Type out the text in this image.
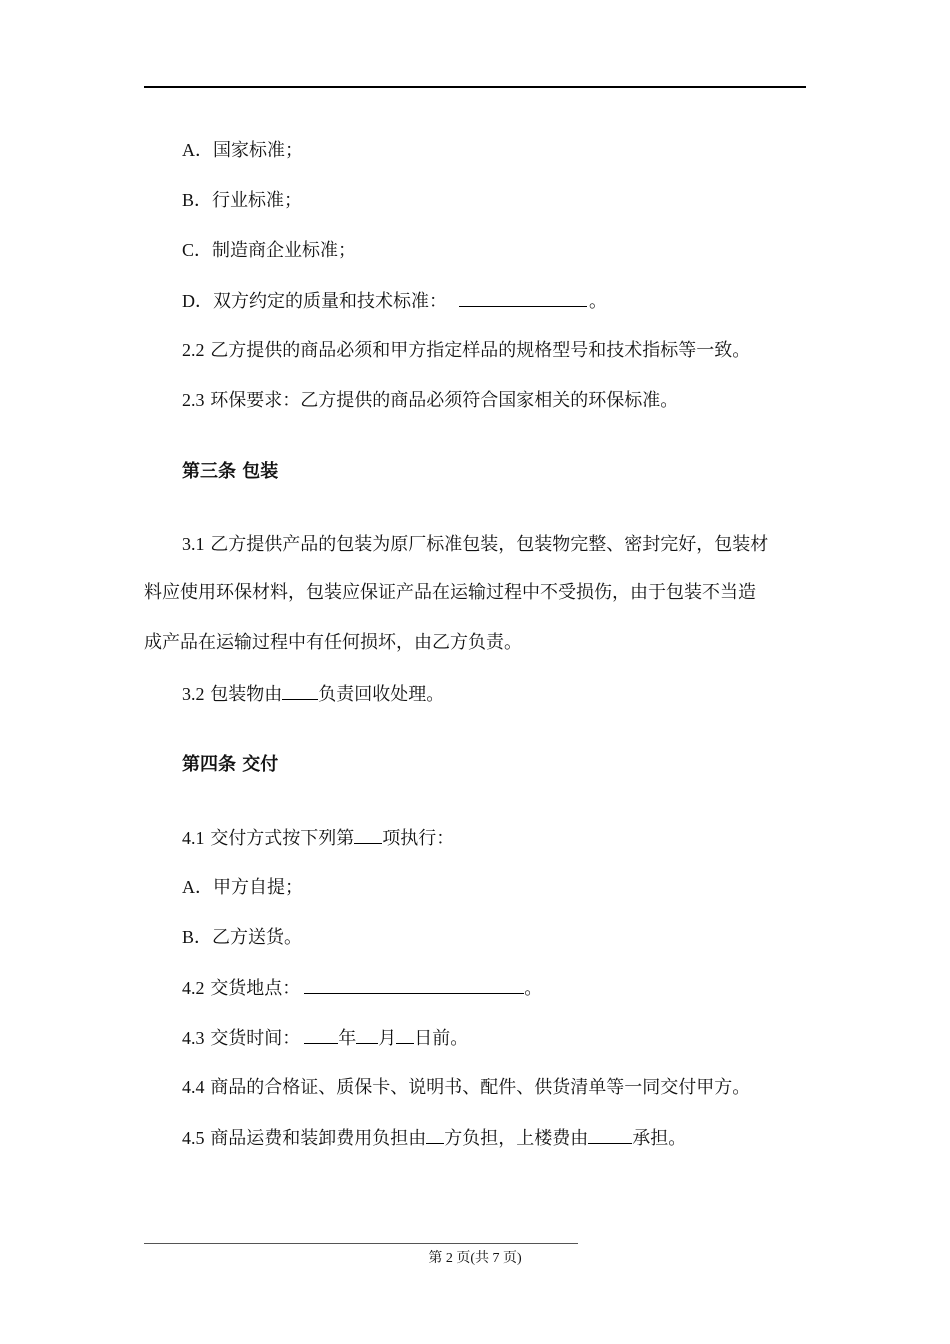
A．国家标准；
B．行业标准；
C．制造商企业标准；
D．双方约定的质量和技术标准：	。
2.2 乙方提供的商品必须和甲方指定样品的规格型号和技术指标等一致。
2.3 环保要求：乙方提供的商品必须符合国家相关的环保标准。
第三条 包装
3.1 乙方提供产品的包装为原厂标准包装，包装物完整、密封完好，包装材
料应使用环保材料，包装应保证产品在运输过程中不受损伤，由于包装不当造
成产品在运输过程中有任何损坏，由乙方负责。
3.2 包装物由 负责回收处理。
第四条 交付
4.1 交付方式按下列第 项执行：
A．甲方自提；
B．乙方送货。
4.2 交货地点：	。
4.3 交货时间： 年 月 日前。
4.4 商品的合格证、质保卡、说明书、配件、供货清单等一同交付甲方。
4.5 商品运费和装卸费用负担由 方负担，上楼费由 承担。
第 2 页(共 7 页)
